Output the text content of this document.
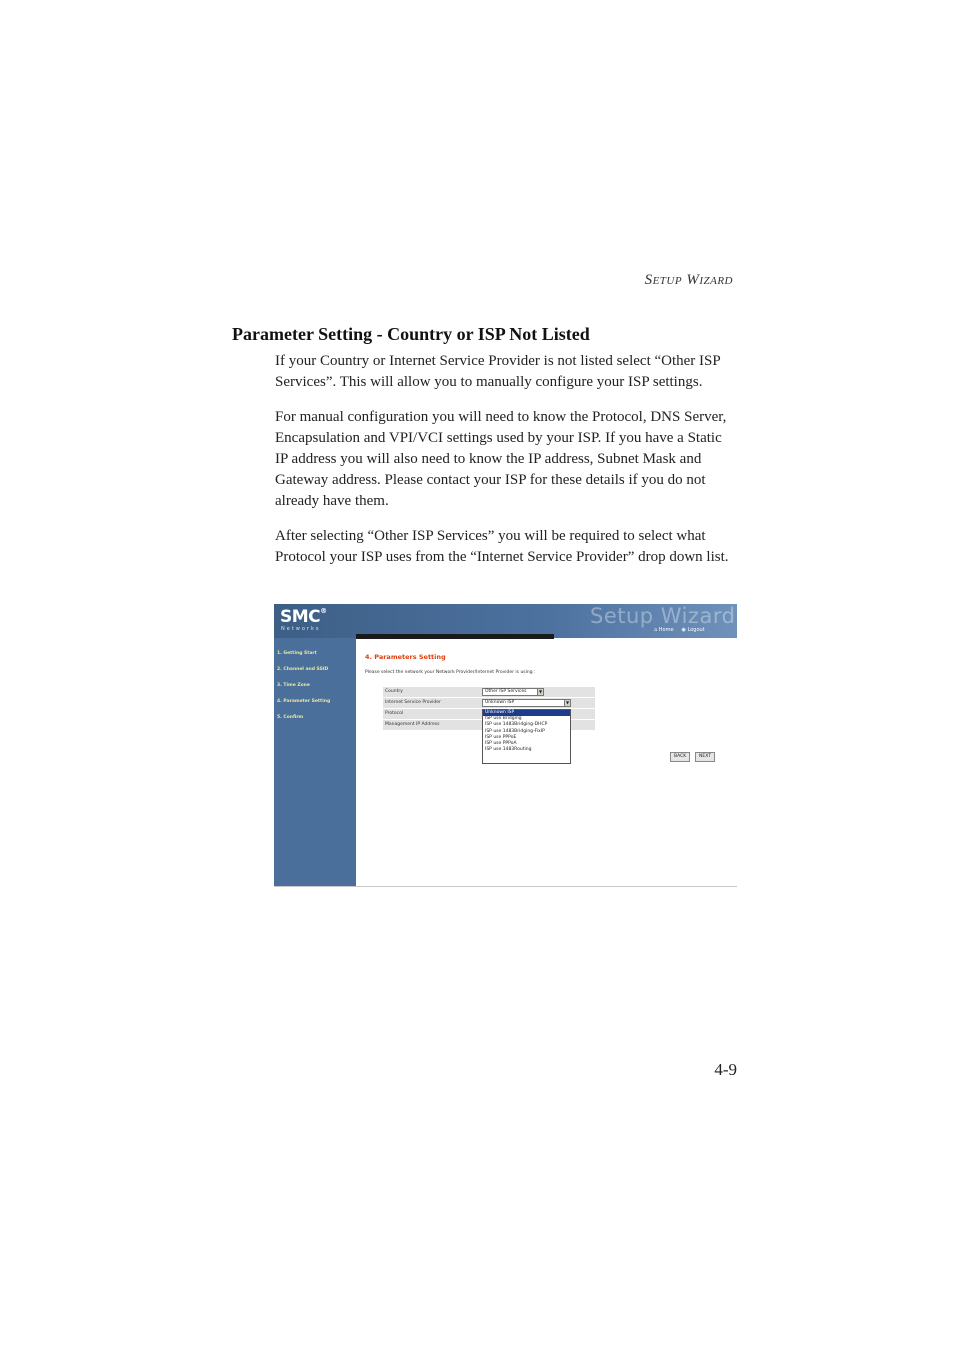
Setup Wizard
Parameter Setting - Country or ISP Not Listed

If your Country or Internet Service Provider is not listed select “Other ISP Services”. This will allow you to manually configure your ISP settings.

For manual configuration you will need to know the Protocol, DNS Server, Encapsulation and VPI/VCI settings used by your ISP. If you have a Static IP address you will also need to know the IP address, Subnet Mask and Gateway address. Please contact your ISP for these details if you do not already have them.

After selecting “Other ISP Services” you will be required to select what Protocol your ISP uses from the “Internet Service Provider” drop down list.

SMC®
Networks
Setup Wizard
⌂ Home ◉ Logout
1. Getting Start
2. Channel and SSID
3. Time Zone
4. Parameter Setting
5. Confirm
4. Parameters Setting
Please select the network your Network Provider/Internet Provider is using :
Country	Other ISP Services	▼
Internet Service Provider	Unknown ISP	▼
Protocol
Management IP Address
Unknown ISP
ISP use Bridging
ISP use 1483Bridging-DHCP
ISP use 1483Bridging-FixIP
ISP use PPPoE
ISP use PPPoA
ISP use 1483Routing
BACK	NEXT
4-9
